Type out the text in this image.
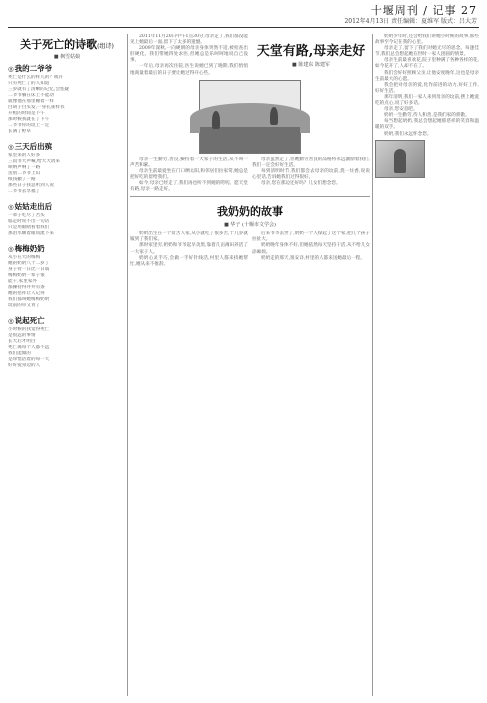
十堰周刊 / 记事 27
2012年4月13日 责任编辑：夏维军 版式：吕大芳
关于死亡的诗歌(组诗)
■ 枫雪姑娘
◎ 我的二爷爷
死亡是什么的样儿的？或许
只有死亡了的人知道
三岁就有了清晰的记忆,会怯疑
二爷爷躺在床上不能动
就像他在那里睡着一样
白胡子白头发,一身孔雀样衣
开棺的时间是下午
那时候我就在了下午
二爷爷你的坟上一定
长满了野草
◎ 三天后出殡
家里来的人好多
三叔爷大声喊,给大大请来
唢呐声响了一路
送别二爷爷上山
纸钱撒了一路
那些日子我总听到人说
二爷爷去享福了
◎ 姑姑走出后
一辈子吃尽了苦头
临走时说不出一句话
只是用眼睛看着我们
那泪水顺着眼角流下来
◎ 梅梅奶奶
从小在大的梅梅
她的奶奶八十二岁了
身子骨一日比一日弱
梅梅奶奶一辈子很
能干,家里家外
都操持得井井有条
她的慈祥让人记得
我们都叫她梅梅奶奶
坟前的草又青了
◎ 说起死亡
小时候的我觉得死亡
是很远的事情
长大后才明白
死亡离每个人都不远
我们能做的
是珍惜活着的每一天
好好爱身边的人

2011年11月20日中午1点30分,母亲走了,我们都没能见上她最后一面,留下了太多的遗憾。

2009年深秋,一向硬朗的母亲身体突然不适,被检查出肝硬化。我们带她四处求医,但她总是乐呵呵地说自己没事。

一年后,母亲再次住院,医生说她已到了晚期,我们悄悄地商量着最后的日子要让她过得开心些。

天堂有路,母亲走好
■ 陈建东 陈建军

母亲一生勤劳,善良,操持着一大家子的生活,从不叫一声苦和累。

母亲生前最爱坐在门口晒太阳,和邻居们拉家常,她总是把好吃的留给我们。

如今,母亲已经走了,我们再也听不到她的唠叨。愿天堂有路,母亲一路走好。

母亲虽然走了,但她勤劳善良的品格将永远激励着我们,我们一定会好好生活。

每到清明时节,我们都会去母亲的坟前,烧一炷香,说说心里话,告诉她我们过得很好。

母亲,您在那边还好吗？儿女们想念您。

我奶奶的故事
■ 华子 (十堰市文学会)

奶奶出生在一个贫苦人家,从小就吃了很多苦,十几岁就嫁到了我们家。

那时家里穷,奶奶和爷爷起早贪黑,靠着几亩薄田养活了一大家子人。

奶奶心灵手巧,会做一手好针线活,村里人都来找她帮忙,她从来不推辞。

后来爷爷去世了,奶奶一个人撑起了这个家,把几个孩子拉扯大。

奶奶晚年身体不好,但她依然每天坚持干活,从不给儿女添麻烦。

奶奶走的那天,很安详,村里的人都来送她最后一程。

奶奶少年时,还会给我们讲她小时候的故事,那些故事至今记在我的心里。

母亲走了,留下了我们对她无尽的思念。每逢佳节,我们总会想起她在世时一家人团圆的情景。

母亲生前最喜欢花,院子里种满了各种各样的花,如今花开了,人却不在了。

我们会好好照顾父亲,让他安度晚年,这也是母亲生前最大的心愿。

我会把对母亲的爱,化作前进的动力,好好工作,好好生活。

那年清明,我们一家人来到母亲的坟前,摆上她爱吃的点心,说了好多话。

母亲,您安息吧。

奶奶一生勤劳,待人和善,是我们家的骄傲。

每当想起奶奶,我总会想起她那慈祥的笑容和温暖的双手。

奶奶,我们永远怀念您。
